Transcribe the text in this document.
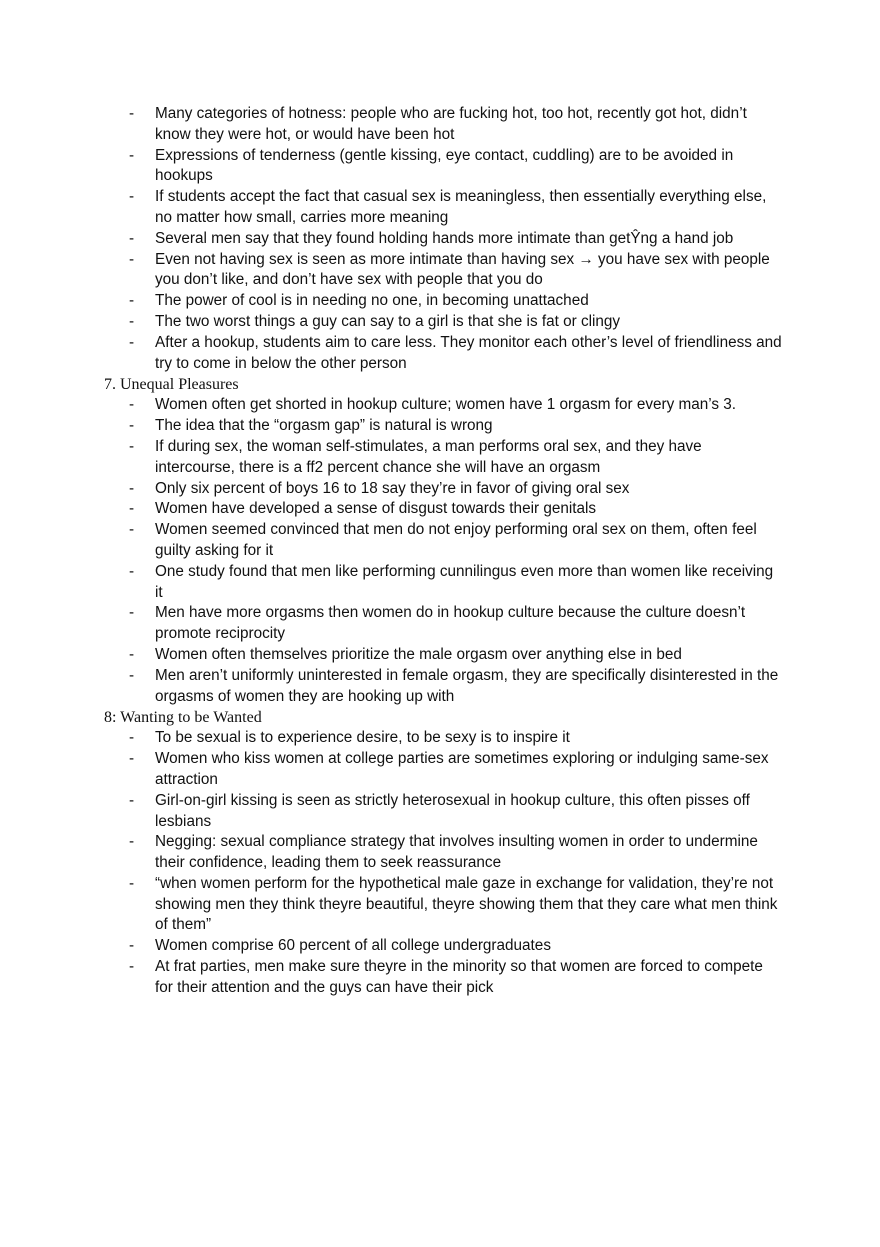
- Many categories of hotness: people who are fucking hot, too hot, recently got hot, didn’t know they were hot, or would have been hot
- Expressions of tenderness (gentle kissing, eye contact, cuddling) are to be avoided in hookups
- If students accept the fact that casual sex is meaningless, then essentially everything else, no matter how small, carries more meaning
- Several men say that they found holding hands more intimate than getŶng a hand job
- Even not having sex is seen as more intimate than having sex → you have sex with people you don’t like, and don’t have sex with people that you do
- The power of cool is in needing no one, in becoming unattached
- The two worst things a guy can say to a girl is that she is fat or clingy
- After a hookup, students aim to care less. They monitor each other’s level of friendliness and try to come in below the other person

7. Unequal Pleasures

- Women often get shorted in hookup culture; women have 1 orgasm for every man’s 3.
- The idea that the “orgasm gap” is natural is wrong
- If during sex, the woman self-stimulates, a man performs oral sex, and they have intercourse, there is a ff2 percent chance she will have an orgasm
- Only six percent of boys 16 to 18 say they’re in favor of giving oral sex
- Women have developed a sense of disgust towards their genitals
- Women seemed convinced that men do not enjoy performing oral sex on them, often feel guilty asking for it
- One study found that men like performing cunnilingus even more than women like receiving it
- Men have more orgasms then women do in hookup culture because the culture doesn’t promote reciprocity
- Women often themselves prioritize the male orgasm over anything else in bed
- Men aren’t uniformly uninterested in female orgasm, they are specifically disinterested in the orgasms of women they are hooking up with

8: Wanting to be Wanted

- To be sexual is to experience desire, to be sexy is to inspire it
- Women who kiss women at college parties are sometimes exploring or indulging same-sex attraction
- Girl-on-girl kissing is seen as strictly heterosexual in hookup culture, this often pisses off lesbians
- Negging: sexual compliance strategy that involves insulting women in order to undermine their confidence, leading them to seek reassurance
- “when women perform for the hypothetical male gaze in exchange for validation, they’re not showing men they think theyre beautiful, theyre showing them that they care what men think of them”
- Women comprise 60 percent of all college undergraduates
- At frat parties, men make sure theyre in the minority so that women are forced to compete for their attention and the guys can have their pick
